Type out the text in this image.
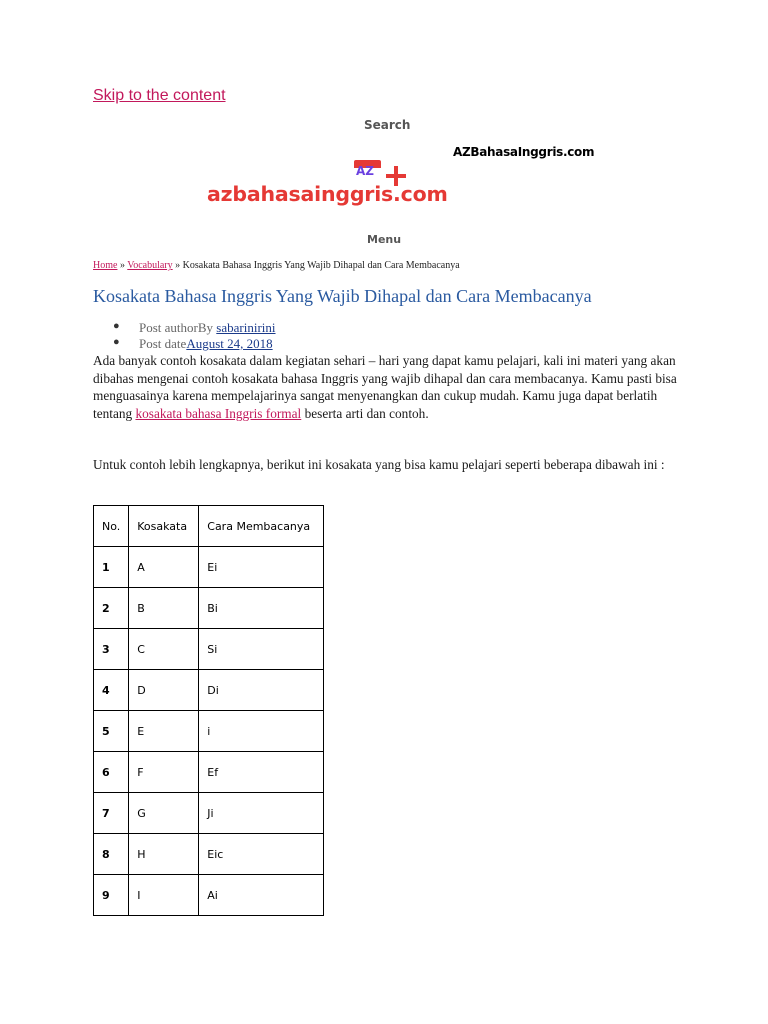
Skip to the content
Search
AZBahasaInggris.com
AZ
azbahasainggris.com
Menu
Home » Vocabulary » Kosakata Bahasa Inggris Yang Wajib Dihapal dan Cara Membacanya
Kosakata Bahasa Inggris Yang Wajib Dihapal dan Cara Membacanya
● Post authorBy sabarinirini
● Post dateAugust 24, 2018

Ada banyak contoh kosakata dalam kegiatan sehari – hari yang dapat kamu pelajari, kali ini materi yang akan dibahas mengenai contoh kosakata bahasa Inggris yang wajib dihapal dan cara membacanya. Kamu pasti bisa menguasainya karena mempelajarinya sangat menyenangkan dan cukup mudah. Kamu juga dapat berlatih tentang kosakata bahasa Inggris formal beserta arti dan contoh.

Untuk contoh lebih lengkapnya, berikut ini kosakata yang bisa kamu pelajari seperti beberapa dibawah ini :

No.	Kosakata	Cara Membacanya
1	A	Ei
2	B	Bi
3	C	Si
4	D	Di
5	E	i
6	F	Ef
7	G	Ji
8	H	Eic
9	I	Ai
